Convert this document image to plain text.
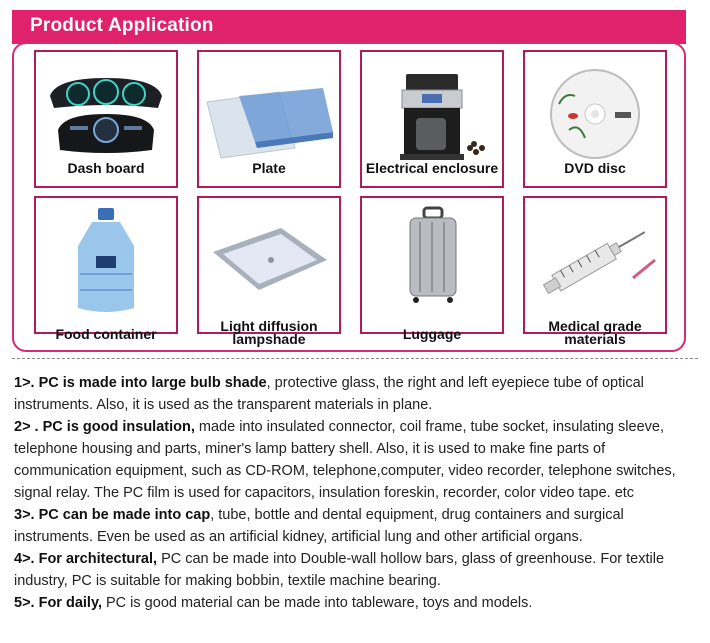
Product Application
Dash board	Plate	Electrical enclosure	DVD disc
Food container	Light diffusion lampshade	Luggage	Medical grade materials

1>. PC is made into large bulb shade, protective glass, the right and left eyepiece tube of optical instruments. Also, it is used as the transparent materials in plane.

2> . PC is good insulation, made into insulated connector, coil frame, tube socket, insulating sleeve, telephone housing and parts, miner's lamp battery shell. Also, it is used to make fine parts of communication equipment, such as CD-ROM, telephone,computer, video recorder, telephone switches, signal relay. The PC film is used for capacitors, insulation foreskin, recorder, color video tape. etc

3>. PC can be made into cap, tube, bottle and dental equipment, drug containers and surgical instruments. Even be used as an artificial kidney, artificial lung and other artificial organs.

4>. For architectural, PC can be made into Double-wall hollow bars, glass of greenhouse. For textile industry, PC is suitable for making bobbin, textile machine bearing.

5>. For daily, PC is good material can be made into tableware, toys and models.
